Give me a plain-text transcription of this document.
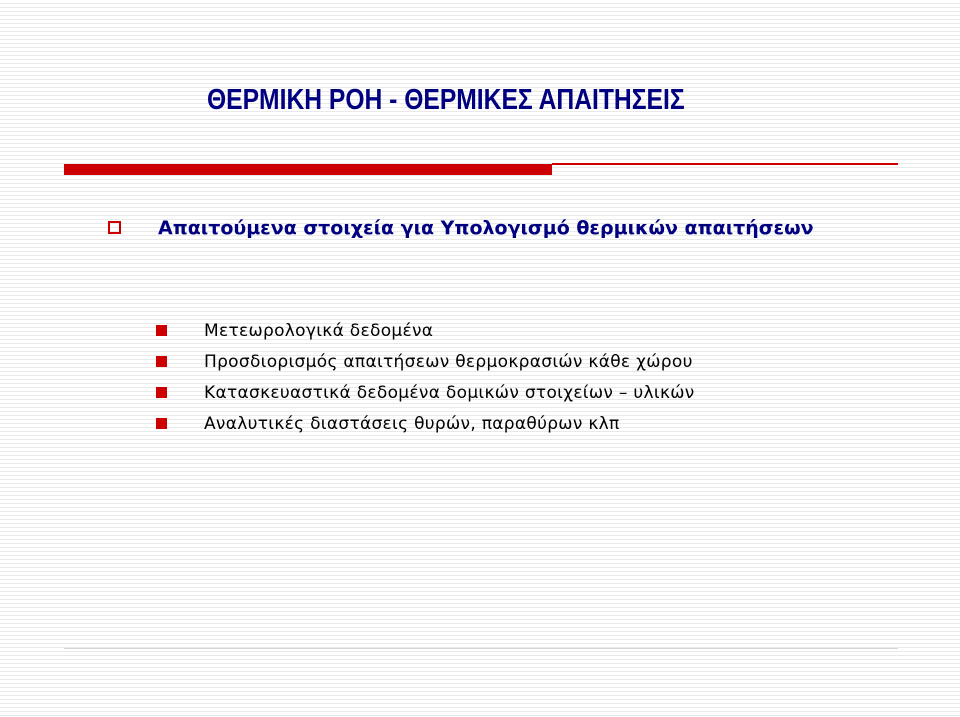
ΘΕΡΜΙΚΗ ΡΟΗ - ΘΕΡΜΙΚΕΣ ΑΠΑΙΤΗΣΕΙΣ
Απαιτούμενα στοιχεία για Υπολογισμό θερμικών απαιτήσεων
Μετεωρολογικά δεδομένα
Προσδιορισμός απαιτήσεων θερμοκρασιών κάθε χώρου
Κατασκευαστικά δεδομένα δομικών στοιχείων – υλικών
Αναλυτικές διαστάσεις θυρών, παραθύρων κλπ
